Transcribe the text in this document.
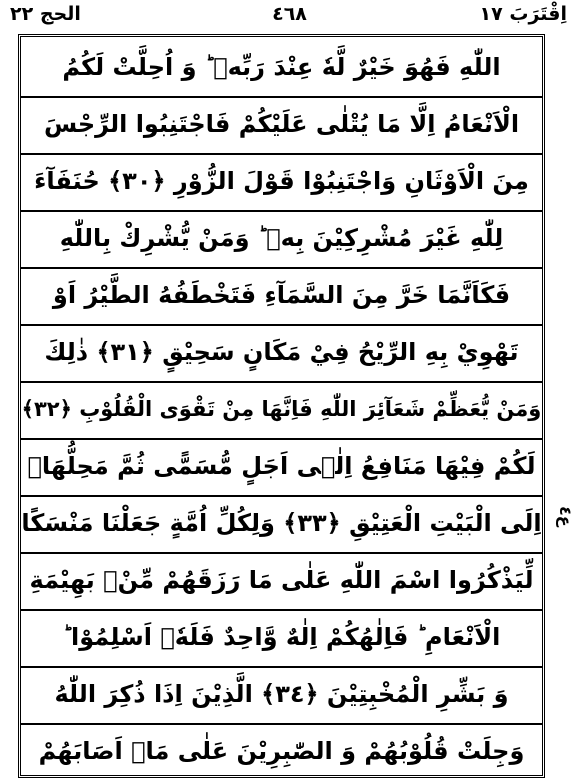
الحج ٢٢	٤٦٨	اِقْتَرَبَ ١٧
اللّٰهِ فَهُوَ خَيْرٌ لَّهٗ عِنْدَ رَبِّهٖ ؕ وَ اُحِلَّتْ لَكُمُ
الْاَنْعَامُ اِلَّا مَا يُتْلٰى عَلَيْكُمْ فَاجْتَنِبُوا الرِّجْسَ
مِنَ الْاَوْثَانِ وَاجْتَنِبُوْا قَوْلَ الزُّوْرِ ﴿٣٠﴾ حُنَفَآءَ
لِلّٰهِ غَيْرَ مُشْرِكِيْنَ بِهٖ ؕ وَمَنْ يُّشْرِكْ بِاللّٰهِ
فَكَاَنَّمَا خَرَّ مِنَ السَّمَآءِ فَتَخْطَفُهُ الطَّيْرُ اَوْ
تَهْوِيْ بِهِ الرِّيْحُ فِيْ مَكَانٍ سَحِيْقٍ ﴿٣١﴾ ذٰلِكَ
وَمَنْ يُّعَظِّمْ شَعَآئِرَ اللّٰهِ فَاِنَّهَا مِنْ تَقْوَى الْقُلُوْبِ ﴿٣٢﴾
لَكُمْ فِيْهَا مَنَافِعُ اِلٰۤى اَجَلٍ مُّسَمًّى ثُمَّ مَحِلُّهَاۤ
اِلَى الْبَيْتِ الْعَتِيْقِ ﴿٣٣﴾ وَلِكُلِّ اُمَّةٍ جَعَلْنَا مَنْسَكًا
لِّيَذْكُرُوا اسْمَ اللّٰهِ عَلٰى مَا رَزَقَهُمْ مِّنْۢ بَهِيْمَةِ
الْاَنْعَامِ ؕ فَاِلٰهُكُمْ اِلٰهٌ وَّاحِدٌ فَلَهٗۤ اَسْلِمُوْا ؕ
وَ بَشِّرِ الْمُخْبِتِيْنَ ﴿٣٤﴾ الَّذِيْنَ اِذَا ذُكِرَ اللّٰهُ
وَجِلَتْ قُلُوْبُهُمْ وَ الصّٰبِرِيْنَ عَلٰى مَاۤ اَصَابَهُمْ
ع٤
